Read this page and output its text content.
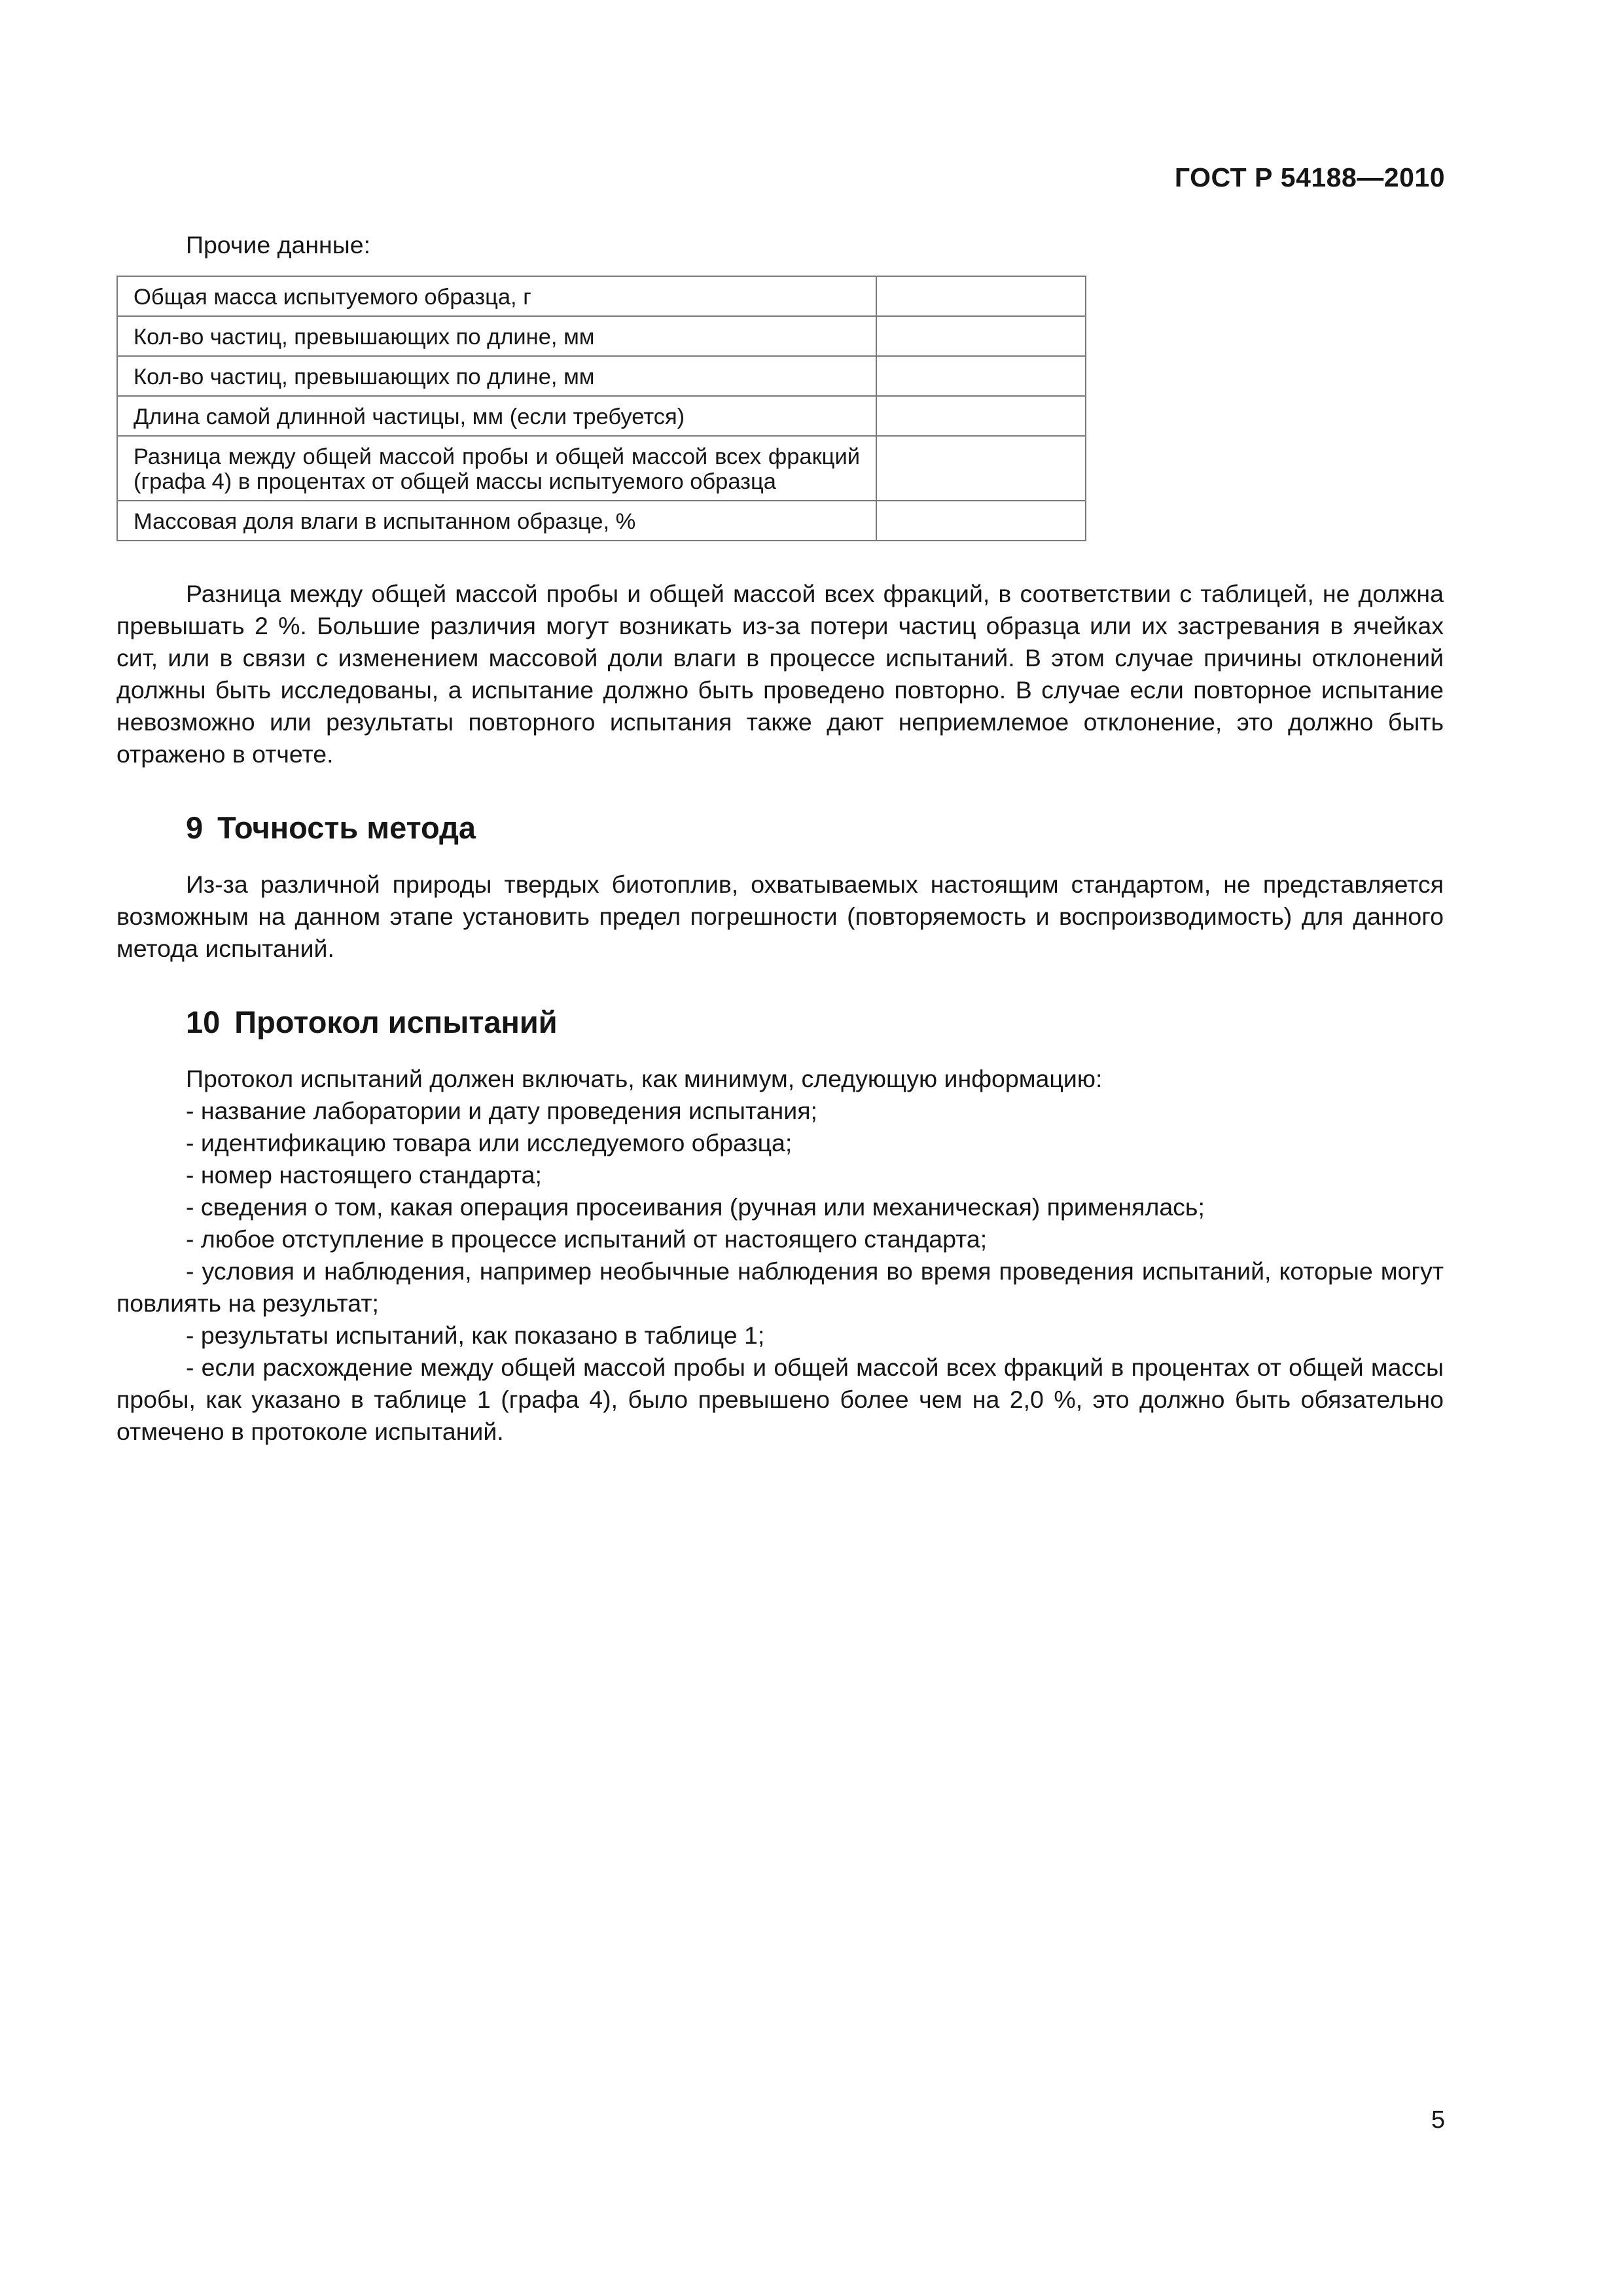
ГОСТ Р 54188—2010

Прочие данные:

Общая масса испытуемого образца, г	
Кол-во частиц, превышающих по длине, мм	
Кол-во частиц, превышающих по длине, мм	
Длина самой длинной частицы, мм (если требуется)	
Разница между общей массой пробы и общей массой всех фракций (графа 4) в процентах от общей массы испытуемого образца	
Массовая доля влаги в испытанном образце, %	

Разница между общей массой пробы и общей массой всех фракций, в соответствии с таблицей, не должна превышать 2 %. Большие различия могут возникать из-за потери частиц образца или их застревания в ячейках сит, или в связи с изменением массовой доли влаги в процессе испытаний. В этом случае причины отклонений должны быть исследованы, а испытание должно быть проведено повторно. В случае если повторное испытание невозможно или результаты повторного испытания также дают неприемлемое отклонение, это должно быть отражено в отчете.

9 Точность метода

Из-за различной природы твердых биотоплив, охватываемых настоящим стандартом, не представляется возможным на данном этапе установить предел погрешности (повторяемость и воспроизводимость) для данного метода испытаний.

10 Протокол испытаний

Протокол испытаний должен включать, как минимум, следующую информацию:

- название лаборатории и дату проведения испытания;
- идентификацию товара или исследуемого образца;
- номер настоящего стандарта;
- сведения о том, какая операция просеивания (ручная или механическая) применялась;
- любое отступление в процессе испытаний от настоящего стандарта;
- условия и наблюдения, например необычные наблюдения во время проведения испытаний, которые могут повлиять на результат;
- результаты испытаний, как показано в таблице 1;
- если расхождение между общей массой пробы и общей массой всех фракций в процентах от общей массы пробы, как указано в таблице 1 (графа 4), было превышено более чем на 2,0 %, это должно быть обязательно отмечено в протоколе испытаний.
5
